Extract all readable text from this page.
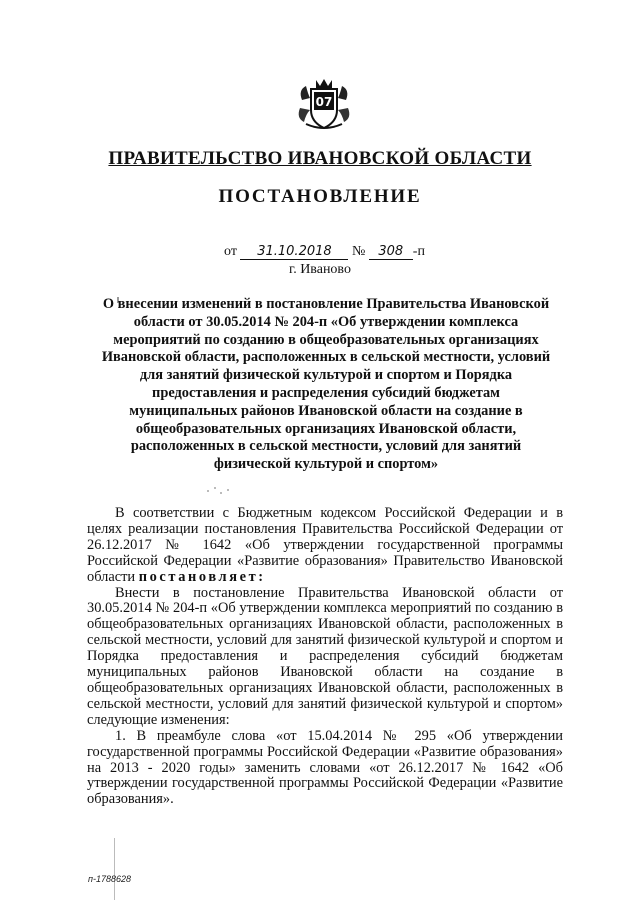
07
ПРАВИТЕЛЬСТВО ИВАНОВСКОЙ ОБЛАСТИ
ПОСТАНОВЛЕНИЕ
от 31.10.2018 № 308 -п
г. Иваново
О внесении изменений в постановление Правительства Ивановской области от 30.05.2014 № 204-п «Об утверждении комплекса мероприятий по созданию в общеобразовательных организациях Ивановской области, расположенных в сельской местности, условий для занятий физической культурой и спортом и Порядка предоставления и распределения субсидий бюджетам муниципальных районов Ивановской области на создание в общеобразовательных организациях Ивановской области, расположенных в сельской местности, условий для занятий физической культурой и спортом»

В соответствии с Бюджетным кодексом Российской Федерации и в целях реализации постановления Правительства Российской Федерации от 26.12.2017 № 1642 «Об утверждении государственной программы Российской Федерации «Развитие образования» Правительство Ивановской области постановляет:

Внести в постановление Правительства Ивановской области от 30.05.2014 № 204-п «Об утверждении комплекса мероприятий по созданию в общеобразовательных организациях Ивановской области, расположенных в сельской местности, условий для занятий физической культурой и спортом и Порядка предоставления и распределения субсидий бюджетам муниципальных районов Ивановской области на создание в общеобразовательных организациях Ивановской области, расположенных в сельской местности, условий для занятий физической культурой и спортом» следующие изменения:

1. В преамбуле слова «от 15.04.2014 № 295 «Об утверждении государственной программы Российской Федерации «Развитие образования» на 2013 - 2020 годы» заменить словами «от 26.12.2017 № 1642 «Об утверждении государственной программы Российской Федерации «Развитие образования».

п-1788628
